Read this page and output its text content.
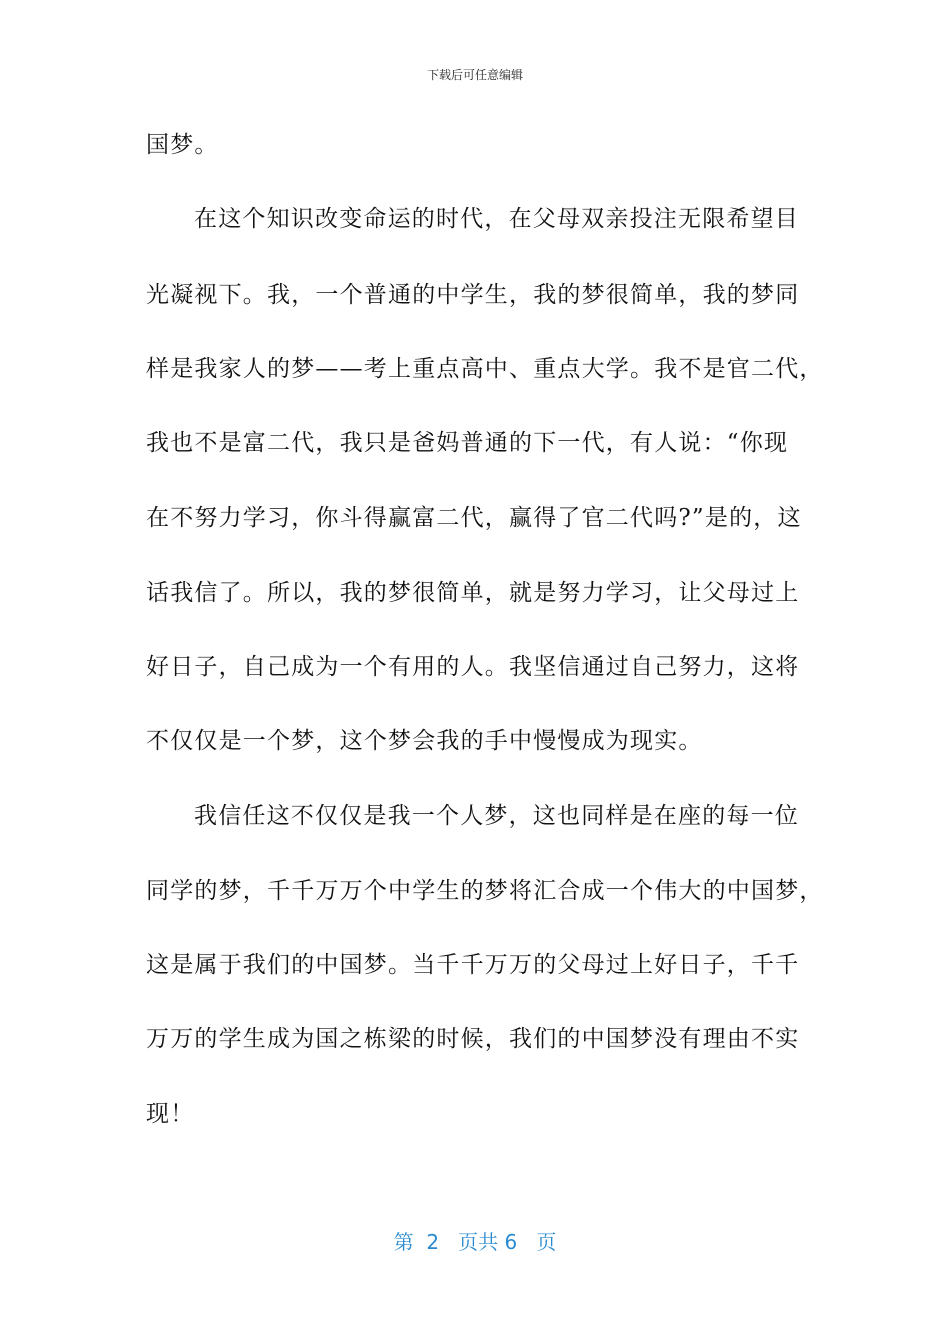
下载后可任意编辑
国梦。
在这个知识改变命运的时代，在父母双亲投注无限希望目
光凝视下。我，一个普通的中学生，我的梦很简单，我的梦同
样是我家人的梦——考上重点高中、重点大学。我不是官二代，
我也不是富二代，我只是爸妈普通的下一代，有人说：“你现
在不努力学习，你斗得赢富二代，赢得了官二代吗?”是的，这
话我信了。所以，我的梦很简单，就是努力学习，让父母过上
好日子，自己成为一个有用的人。我坚信通过自己努力，这将
不仅仅是一个梦，这个梦会我的手中慢慢成为现实。
我信任这不仅仅是我一个人梦，这也同样是在座的每一位
同学的梦，千千万万个中学生的梦将汇合成一个伟大的中国梦，
这是属于我们的中国梦。当千千万万的父母过上好日子，千千
万万的学生成为国之栋梁的时候，我们的中国梦没有理由不实
现！
第  2   页共 6   页
